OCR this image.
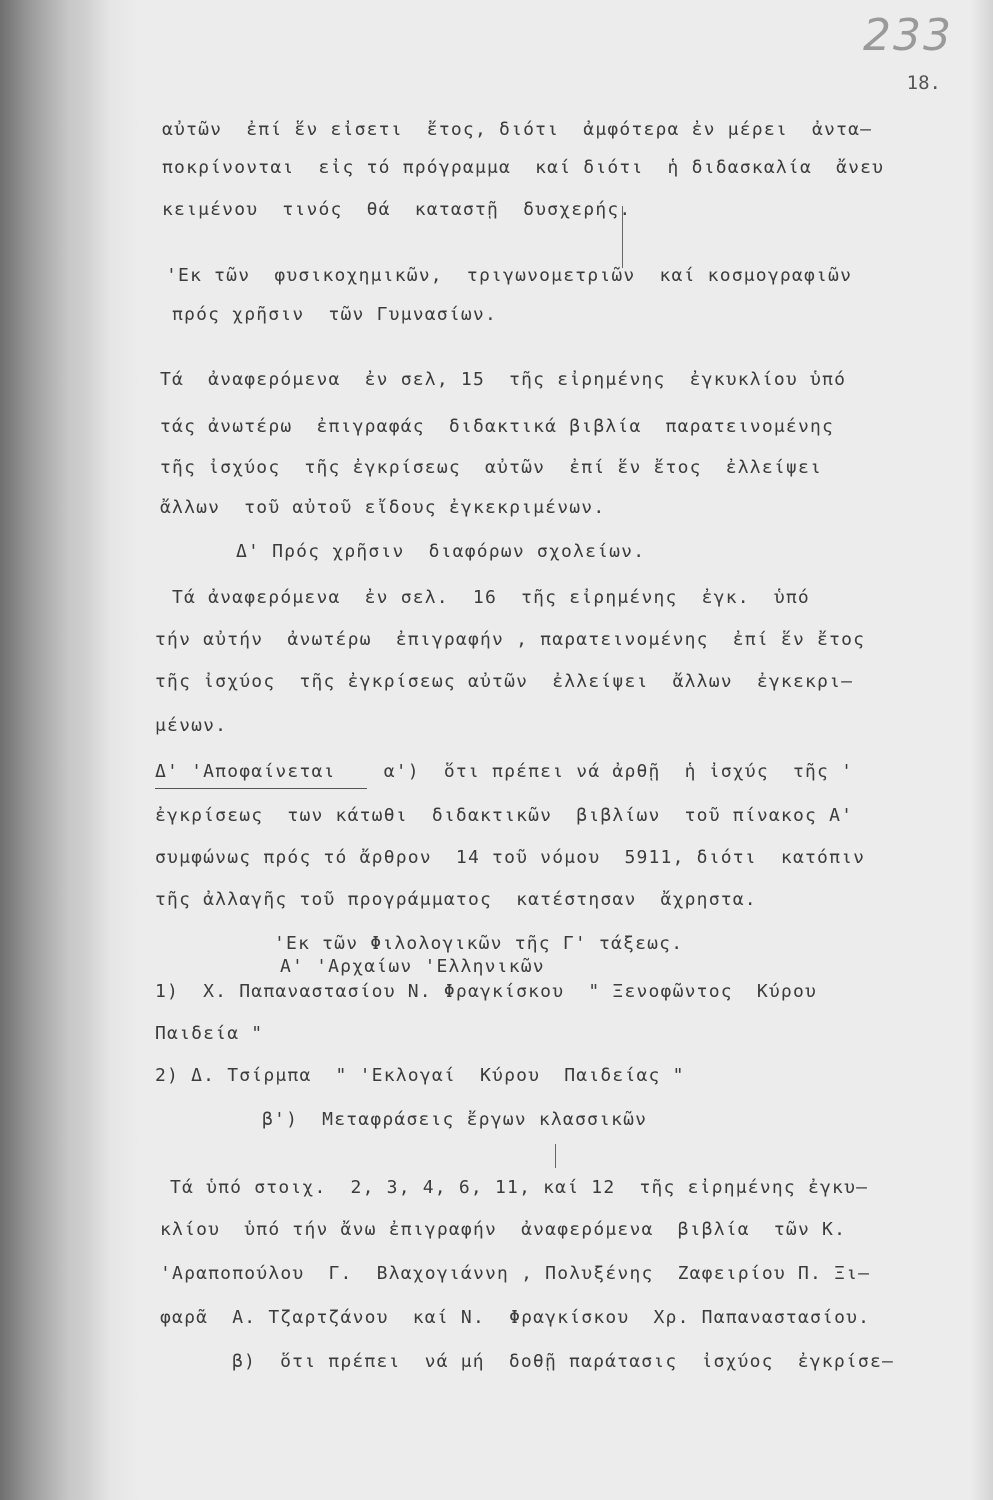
233
18.
αὐτῶν  ἐπί ἕν εἰσετι  ἔτος, διότι  ἀμφότερα ἐν μέρει  ἀντα–
ποκρίνονται  εἰς τό πρόγραμμα  καί διότι  ἡ διδασκαλία  ἄνευ
κειμένου  τινός  θά  καταστῇ  δυσχερής.
'Εκ τῶν  φυσικοχημικῶν,  τριγωνομετριῶν  καί κοσμογραφιῶν
πρός χρῆσιν  τῶν Γυμνασίων.
Τά  ἀναφερόμενα  ἐν σελ, 15  τῆς εἰρημένης  ἐγκυκλίου ὑπό
τάς ἀνωτέρω  ἐπιγραφάς  διδακτικά βιβλία  παρατεινομένης
τῆς ἰσχύος  τῆς ἐγκρίσεως  αὐτῶν  ἐπί ἕν ἔτος  ἐλλείψει
ἄλλων  τοῦ αὐτοῦ εἴδους ἐγκεκριμένων.
Δ' Πρός χρῆσιν  διαφόρων σχολείων.
Τά ἀναφερόμενα  ἐν σελ.  16  τῆς εἰρημένης  ἐγκ.  ὑπό
τήν αὐτήν  ἀνωτέρω  ἐπιγραφήν , παρατεινομένης  ἐπί ἕν ἔτος
τῆς ἰσχύος  τῆς ἐγκρίσεως αὐτῶν  ἐλλείψει  ἄλλων  ἐγκεκρι–
μένων.
Δ' 'Αποφαίνεται    α')  ὅτι πρέπει νά ἀρθῇ  ἡ ἰσχύς  τῆς '
ἐγκρίσεως  των κάτωθι  διδακτικῶν  βιβλίων  τοῦ πίνακος Α'
συμφώνως πρός τό ἄρθρον  14 τοῦ νόμου  5911, διότι  κατόπιν
τῆς ἀλλαγῆς τοῦ προγράμματος  κατέστησαν  ἄχρηστα.
'Εκ τῶν Φιλολογικῶν τῆς Γ' τάξεως.
Α' 'Αρχαίων 'Ελληνικῶν
1)  Χ. Παπαναστασίου Ν. Φραγκίσκου  " Ξενοφῶντος  Κύρου
Παιδεία "
2) Δ. Τσίρμπα  " 'Εκλογαί  Κύρου  Παιδείας "
β')  Μεταφράσεις ἔργων κλασσικῶν
Τά ὑπό στοιχ.  2, 3, 4, 6, 11, καί 12  τῆς εἰρημένης ἐγκυ–
κλίου  ὑπό τήν ἄνω ἐπιγραφήν  ἀναφερόμενα  βιβλία  τῶν Κ.
'Αραποπούλου  Γ.  Βλαχογιάννη , Πολυξένης  Ζαφειρίου Π. Ξι–
φαρᾶ  Α. Τζαρτζάνου  καί Ν.  Φραγκίσκου  Χρ. Παπαναστασίου.
β)  ὅτι πρέπει  νά μή  δοθῇ παράτασις  ἰσχύος  ἐγκρίσε–
